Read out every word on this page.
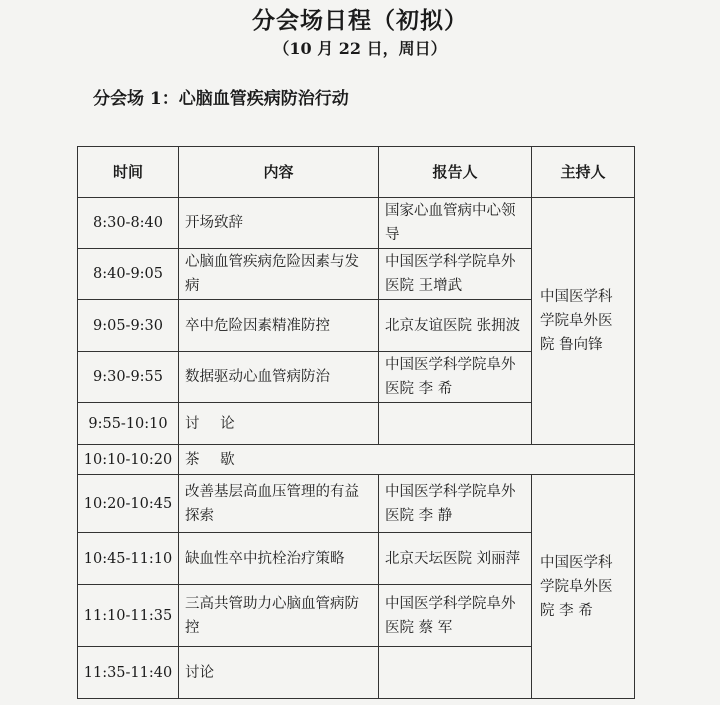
分会场日程（初拟）
（10 月 22 日，周日）
分会场 1：心脑血管疾病防治行动
时间	内容	报告人	主持人
8:30-8:40	开场致辞	国家心血管病中心领导	中国医学科学院阜外医院 鲁向锋
8:40-9:05	心脑血管疾病危险因素与发病	中国医学科学院阜外医院 王增武	
9:05-9:30	卒中危险因素精准防控	北京友谊医院 张拥波	
9:30-9:55	数据驱动心血管病防治	中国医学科学院阜外医院 李 希	
9:55-10:10	讨 论		
10:10-10:20	茶 歇		
10:20-10:45	改善基层高血压管理的有益探索	中国医学科学院阜外医院 李 静	中国医学科学院阜外医院 李 希
10:45-11:10	缺血性卒中抗栓治疗策略	北京天坛医院 刘丽萍	
11:10-11:35	三高共管助力心脑血管病防控	中国医学科学院阜外医院 蔡 军	
11:35-11:40	讨论		
